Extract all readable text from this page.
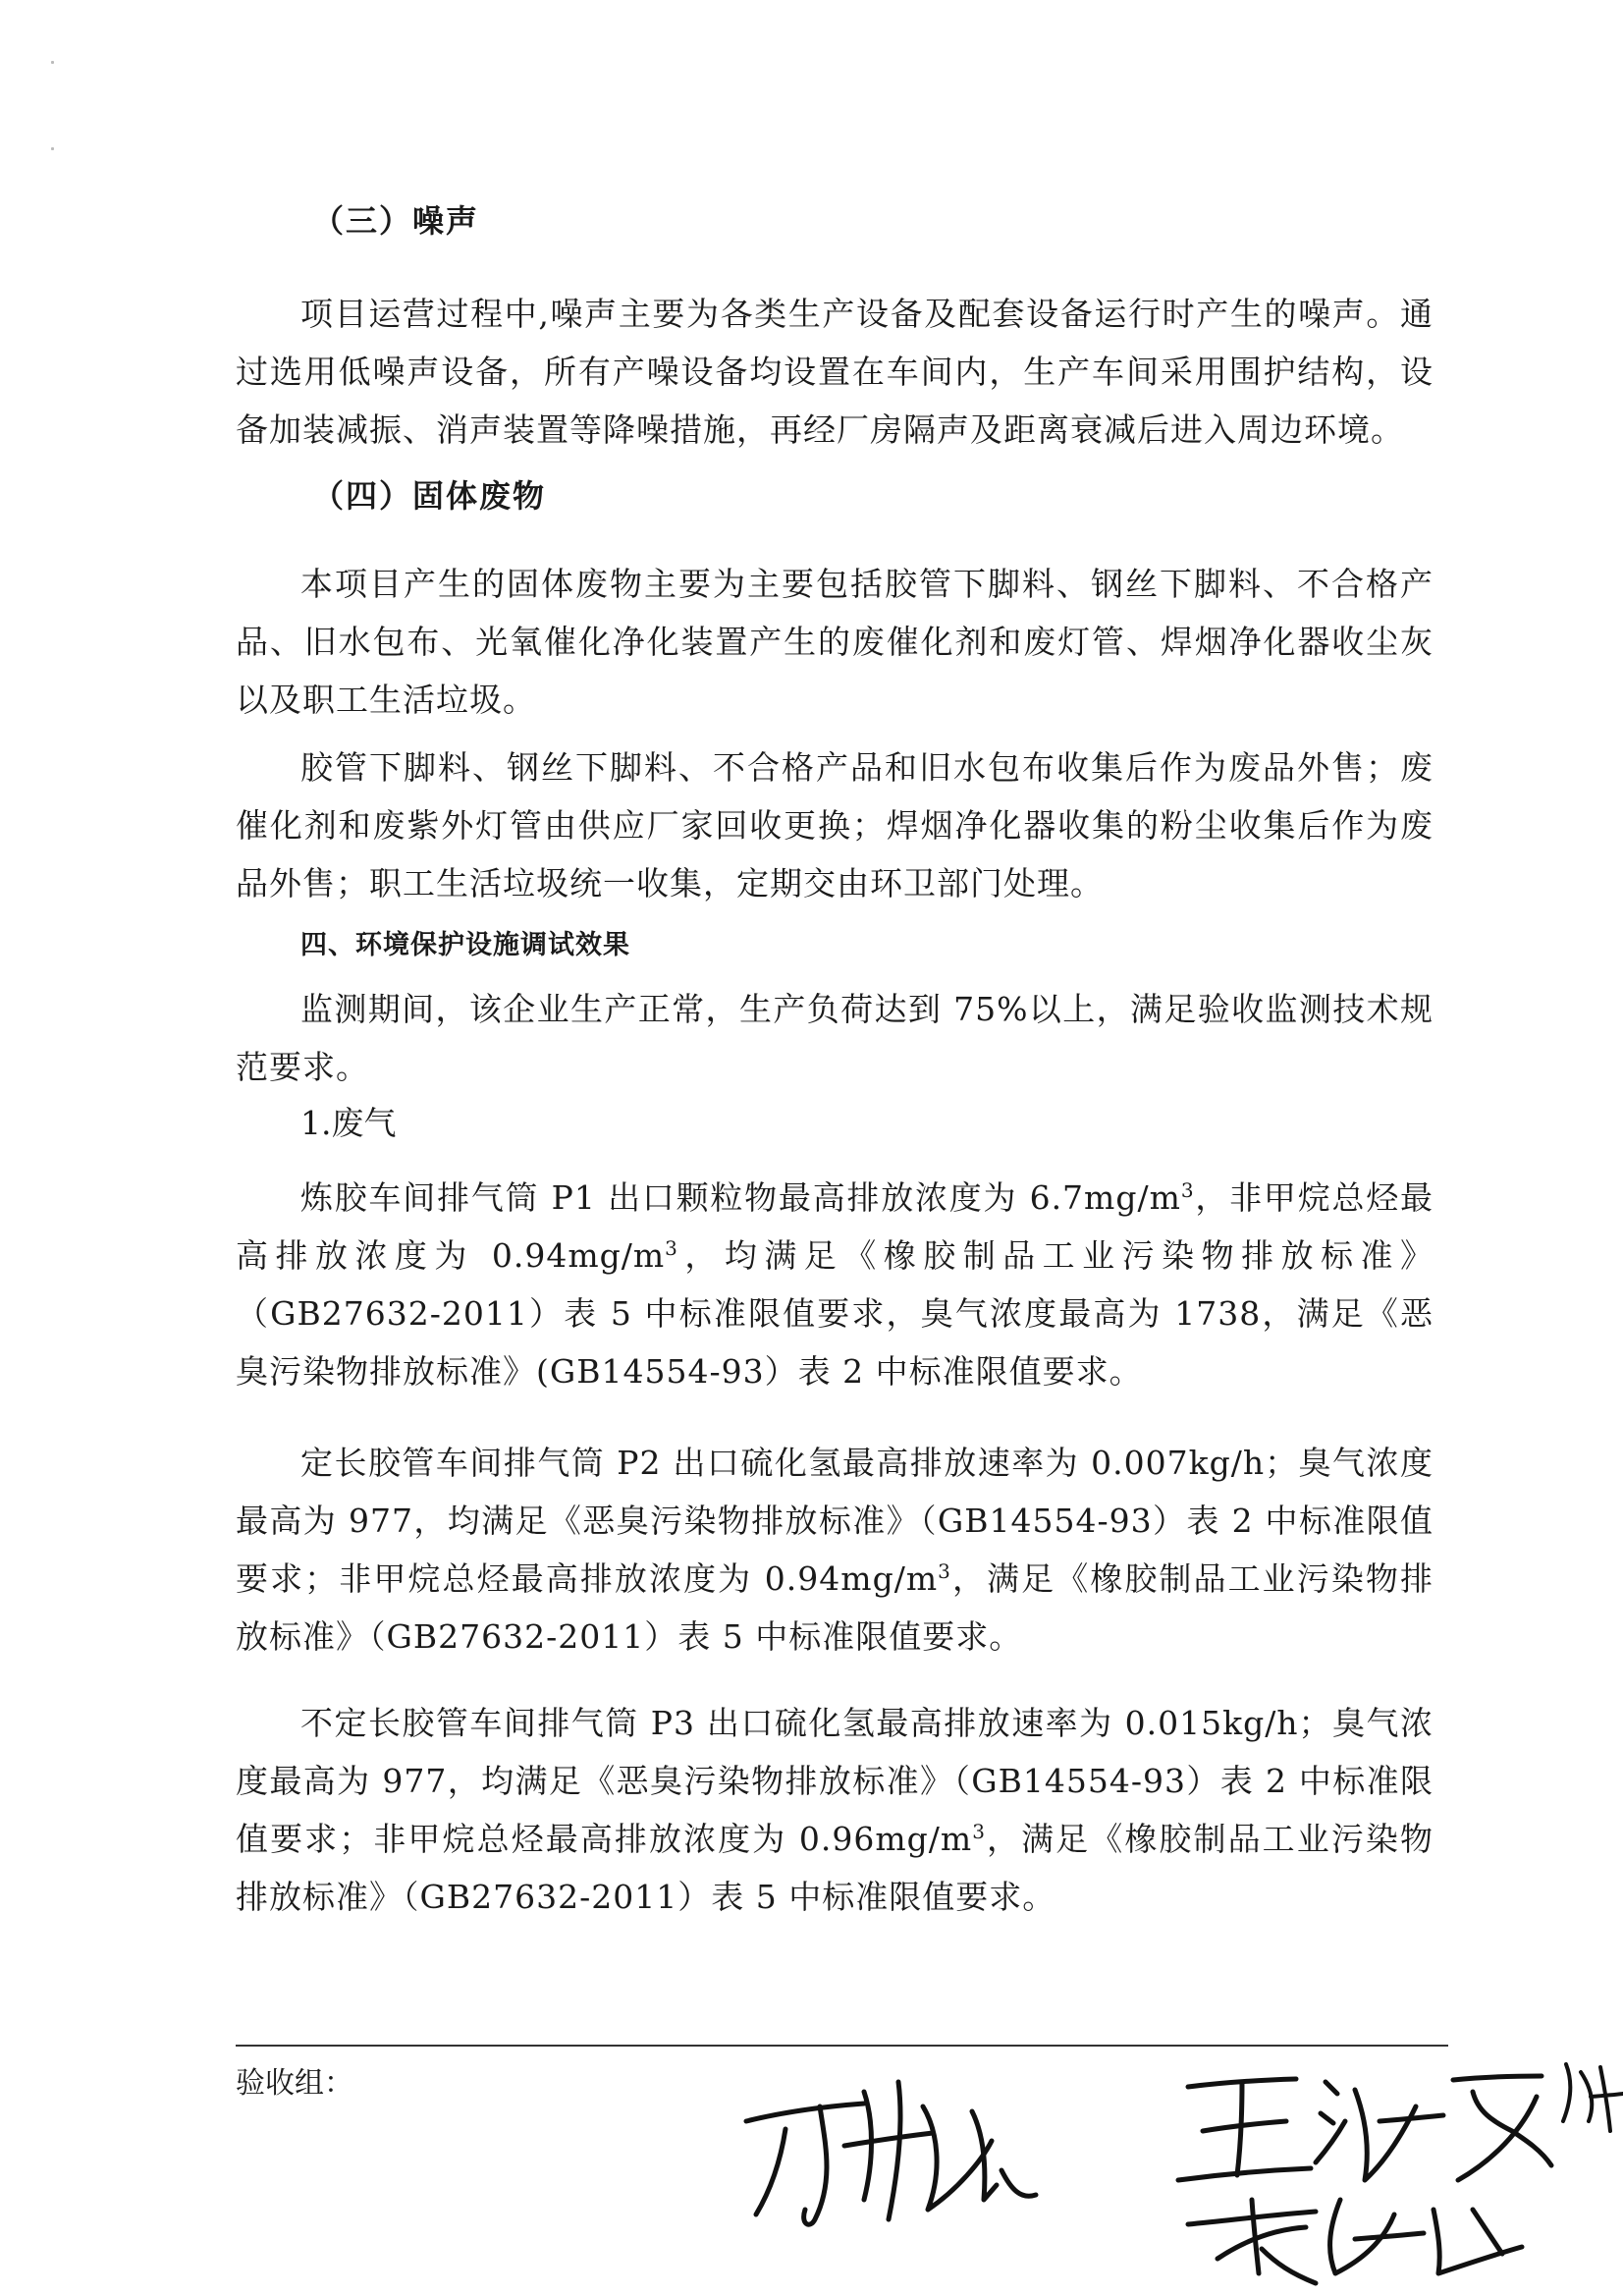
（三）噪声
项目运营过程中,噪声主要为各类生产设备及配套设备运行时产生的噪声。通过选用低噪声设备，所有产噪设备均设置在车间内，生产车间采用围护结构，设备加装减振、消声装置等降噪措施，再经厂房隔声及距离衰减后进入周边环境。
（四）固体废物
本项目产生的固体废物主要为主要包括胶管下脚料、钢丝下脚料、不合格产品、旧水包布、光氧催化净化装置产生的废催化剂和废灯管、焊烟净化器收尘灰以及职工生活垃圾。
胶管下脚料、钢丝下脚料、不合格产品和旧水包布收集后作为废品外售；废催化剂和废紫外灯管由供应厂家回收更换；焊烟净化器收集的粉尘收集后作为废品外售；职工生活垃圾统一收集，定期交由环卫部门处理。
四、环境保护设施调试效果
监测期间，该企业生产正常，生产负荷达到 75%以上，满足验收监测技术规范要求。
1.废气
炼胶车间排气筒 P1 出口颗粒物最高排放浓度为 $6.7mg/m^3$，非甲烷总烃最高排放浓度为 $0.94mg/m^3$，均满足《橡胶制品工业污染物排放标准》（GB27632-2011）表 5 中标准限值要求，臭气浓度最高为 1738，满足《恶臭污染物排放标准》(GB14554-93）表 2 中标准限值要求。
定长胶管车间排气筒 P2 出口硫化氢最高排放速率为 0.007kg/h；臭气浓度最高为 977，均满足《恶臭污染物排放标准》（GB14554-93）表 2 中标准限值要求；非甲烷总烃最高排放浓度为 $0.94mg/m^3$，满足《橡胶制品工业污染物排放标准》（GB27632-2011）表 5 中标准限值要求。
不定长胶管车间排气筒 P3 出口硫化氢最高排放速率为 0.015kg/h；臭气浓度最高为 977，均满足《恶臭污染物排放标准》（GB14554-93）表 2 中标准限值要求；非甲烷总烃最高排放浓度为 $0.96mg/m^3$，满足《橡胶制品工业污染物排放标准》（GB27632-2011）表 5 中标准限值要求。
验收组：
